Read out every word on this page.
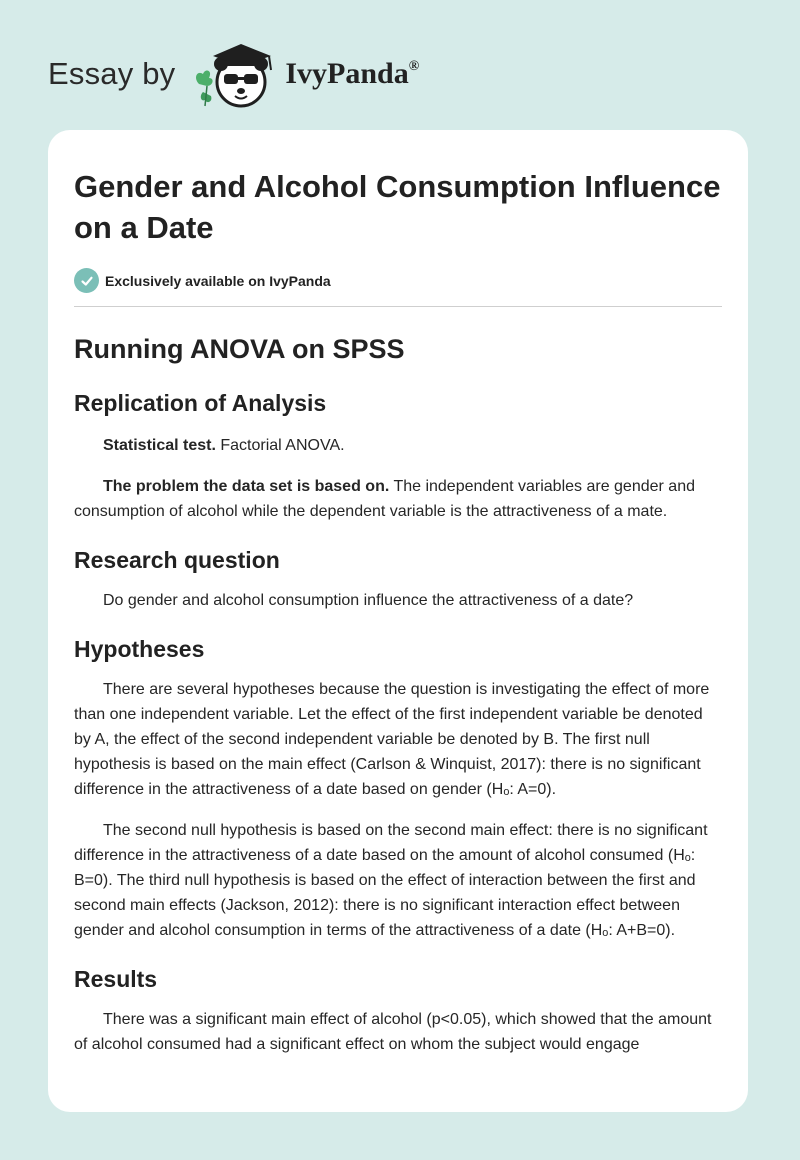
Essay by	IvyPanda®
Gender and Alcohol Consumption Influence on a Date
Exclusively available on IvyPanda
Running ANOVA on SPSS
Replication of Analysis

Statistical test. Factorial ANOVA.

The problem the data set is based on. The independent variables are gender and consumption of alcohol while the dependent variable is the attractiveness of a mate.

Research question

Do gender and alcohol consumption influence the attractiveness of a date?

Hypotheses

There are several hypotheses because the question is investigating the effect of more than one independent variable. Let the effect of the first independent variable be denoted by A, the effect of the second independent variable be denoted by B. The first null hypothesis is based on the main effect (Carlson & Winquist, 2017): there is no significant difference in the attractiveness of a date based on gender (Hₒ: A=0).

The second null hypothesis is based on the second main effect: there is no significant difference in the attractiveness of a date based on the amount of alcohol consumed (Hₒ: B=0). The third null hypothesis is based on the effect of interaction between the first and second main effects (Jackson, 2012): there is no significant interaction effect between gender and alcohol consumption in terms of the attractiveness of a date (Hₒ: A+B=0).

Results

There was a significant main effect of alcohol (p<0.05), which showed that the amount of alcohol consumed had a significant effect on whom the subject would engage
